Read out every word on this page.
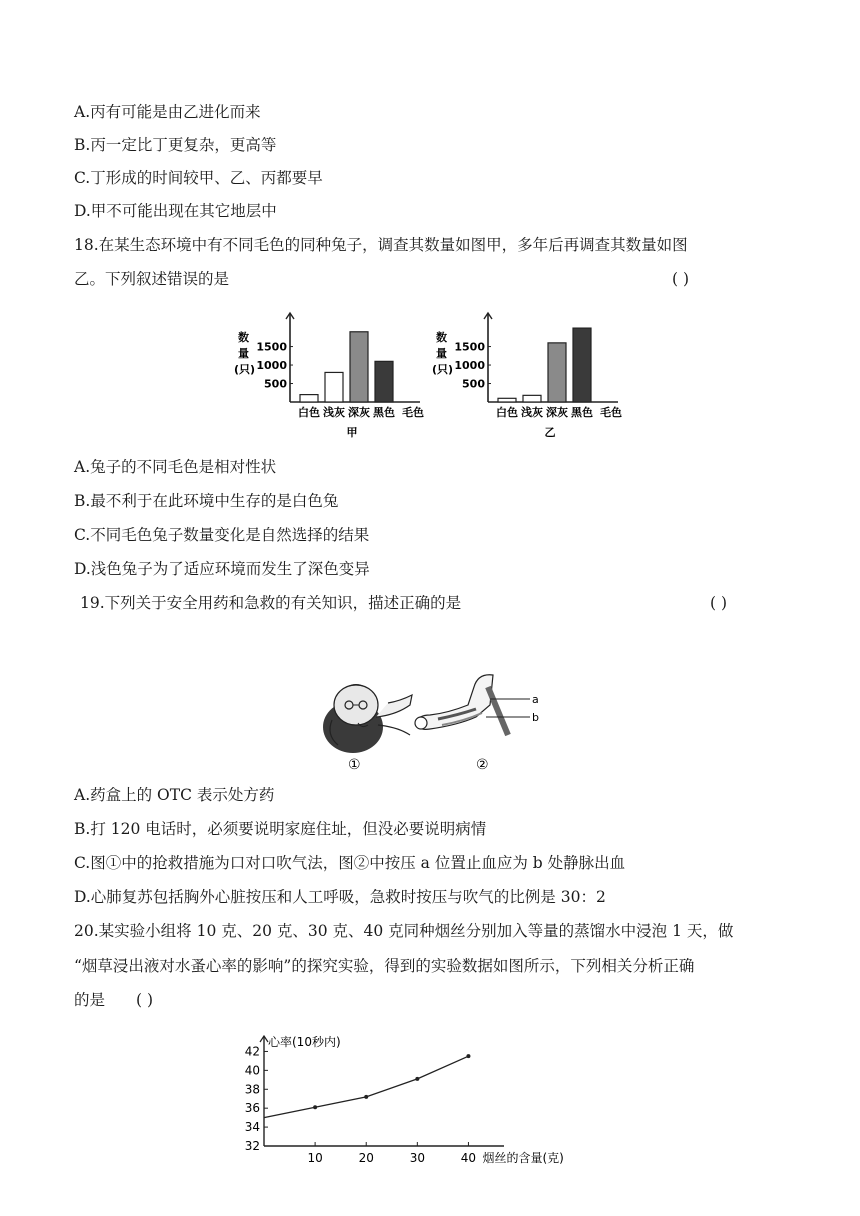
A.丙有可能是由乙进化而来
B.丙一定比丁更复杂，更高等
C.丁形成的时间较甲、乙、丙都要早
D.甲不可能出现在其它地层中
18.在某生态环境中有不同毛色的同种兔子，调查其数量如图甲，多年后再调查其数量如图
乙。下列叙述错误的是	( )
数
量
(只)
500
1000
1500
白色 浅灰 深灰 黑色 毛色
甲
数
量
(只)
500
1000
1500
白色 浅灰 深灰 黑色 毛色
乙
A.兔子的不同毛色是相对性状
B.最不利于在此环境中生存的是白色兔
C.不同毛色兔子数量变化是自然选择的结果
D.浅色兔子为了适应环境而发生了深色变异
19.下列关于安全用药和急救的有关知识，描述正确的是	( )
a
b
①	②
A.药盒上的 OTC 表示处方药
B.打 120 电话时，必须要说明家庭住址，但没必要说明病情
C.图①中的抢救措施为口对口吹气法，图②中按压 a 位置止血应为 b 处静脉出血
D.心肺复苏包括胸外心脏按压和人工呼吸，急救时按压与吹气的比例是 30：2
20.某实验小组将 10 克、20 克、30 克、40 克同种烟丝分别加入等量的蒸馏水中浸泡 1 天，做
“烟草浸出液对水蚤心率的影响”的探究实验，得到的实验数据如图所示，下列相关分析正确
的是 ( )
心率(10秒内)
32
34
36
38
40
42
10	20	30	40 烟丝的含量(克)
